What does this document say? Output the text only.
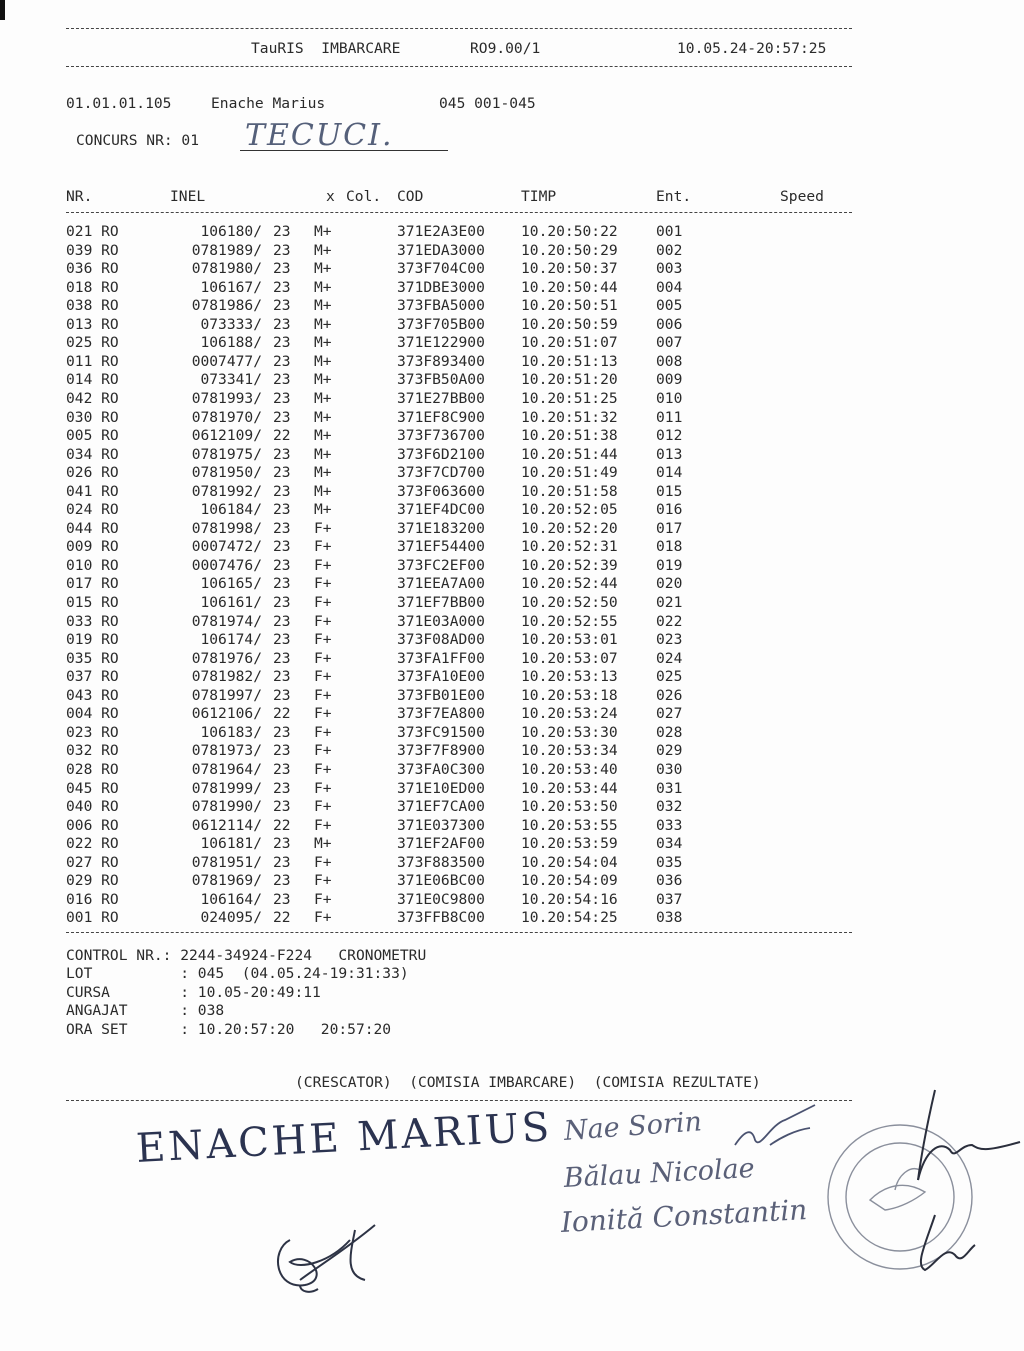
TauRIS  IMBARCARE	RO9.00/1	10.05.24-20:57:25
01.01.01.105	Enache Marius	045 001-045
CONCURS NR: 01 TECUCI.
NR.	INEL	x Col. COD	TIMP	Ent.	Speed
021 RO	106180/ 23 M+	371E2A3E00 10.20:50:22	001
039 RO	0781989/ 23 M+	371EDA3000 10.20:50:29	002
036 RO	0781980/ 23 M+	373F704C00 10.20:50:37	003
018 RO	106167/ 23 M+	371DBE3000 10.20:50:44	004
038 RO	0781986/ 23 M+	373FBA5000 10.20:50:51	005
013 RO	073333/ 23 M+	373F705B00 10.20:50:59	006
025 RO	106188/ 23 M+	371E122900 10.20:51:07	007
011 RO	0007477/ 23 M+	373F893400 10.20:51:13	008
014 RO	073341/ 23 M+	373FB50A00 10.20:51:20	009
042 RO	0781993/ 23 M+	371E27BB00 10.20:51:25	010
030 RO	0781970/ 23 M+	371EF8C900 10.20:51:32	011
005 RO	0612109/ 22 M+	373F736700 10.20:51:38	012
034 RO	0781975/ 23 M+	373F6D2100 10.20:51:44	013
026 RO	0781950/ 23 M+	373F7CD700 10.20:51:49	014
041 RO	0781992/ 23 M+	373F063600 10.20:51:58	015
024 RO	106184/ 23 M+	371EF4DC00 10.20:52:05	016
044 RO	0781998/ 23 F+	371E183200 10.20:52:20	017
009 RO	0007472/ 23 F+	371EF54400 10.20:52:31	018
010 RO	0007476/ 23 F+	373FC2EF00 10.20:52:39	019
017 RO	106165/ 23 F+	371EEA7A00 10.20:52:44	020
015 RO	106161/ 23 F+	371EF7BB00 10.20:52:50	021
033 RO	0781974/ 23 F+	371E03A000 10.20:52:55	022
019 RO	106174/ 23 F+	373F08AD00 10.20:53:01	023
035 RO	0781976/ 23 F+	373FA1FF00 10.20:53:07	024
037 RO	0781982/ 23 F+	373FA10E00 10.20:53:13	025
043 RO	0781997/ 23 F+	373FB01E00 10.20:53:18	026
004 RO	0612106/ 22 F+	373F7EA800 10.20:53:24	027
023 RO	106183/ 23 F+	373FC91500 10.20:53:30	028
032 RO	0781973/ 23 F+	373F7F8900 10.20:53:34	029
028 RO	0781964/ 23 F+	373FA0C300 10.20:53:40	030
045 RO	0781999/ 23 F+	371E10ED00 10.20:53:44	031
040 RO	0781990/ 23 F+	371EF7CA00 10.20:53:50	032
006 RO	0612114/ 22 F+	371E037300 10.20:53:55	033
022 RO	106181/ 23 M+	371EF2AF00 10.20:53:59	034
027 RO	0781951/ 23 F+	373F883500 10.20:54:04	035
029 RO	0781969/ 23 F+	371E06BC00 10.20:54:09	036
016 RO	106164/ 23 F+	371E0C9800 10.20:54:16	037
001 RO	024095/ 22 F+	373FFB8C00 10.20:54:25	038
CONTROL NR.: 2244-34924-F224   CRONOMETRU
LOT          : 045  (04.05.24-19:31:33)
CURSA        : 10.05-20:49:11
ANGAJAT      : 038
ORA SET      : 10.20:57:20   20:57:20
(CRESCATOR)  (COMISIA IMBARCARE)  (COMISIA REZULTATE)
ENACHE MARIUS Nae Sorin
Bălau Nicolae
Ionită Constantin
